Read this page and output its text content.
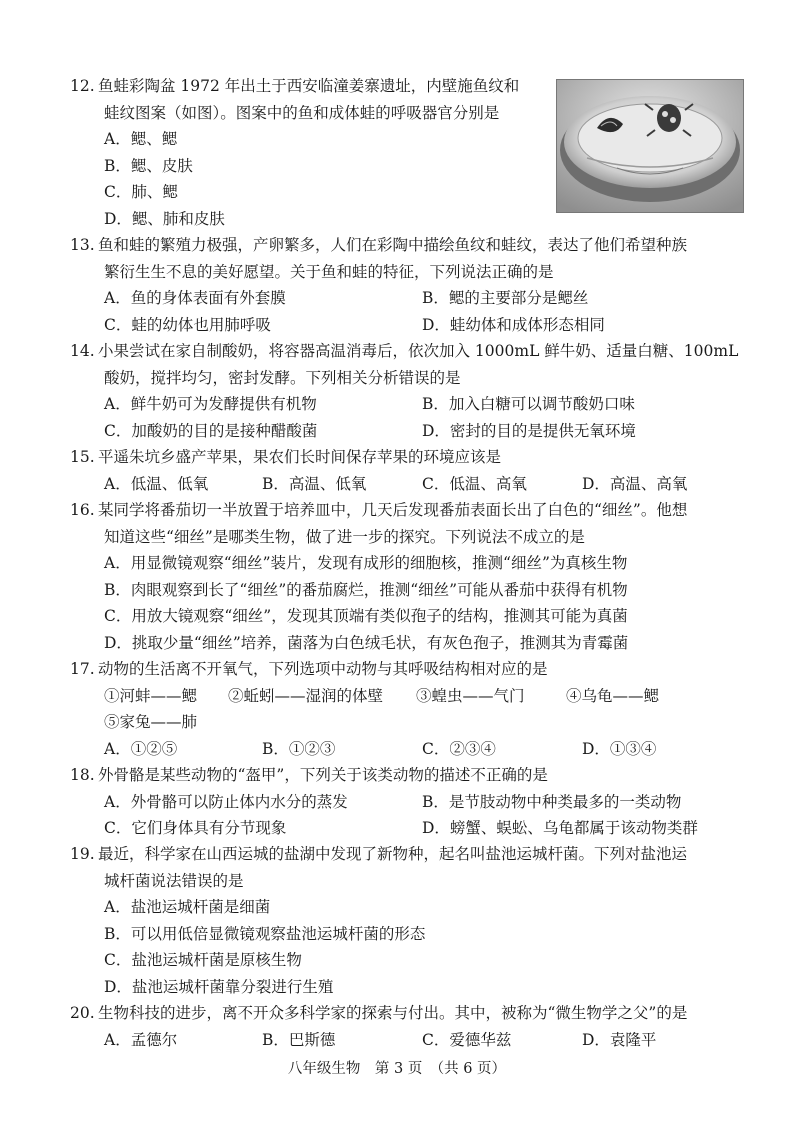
12. 鱼蛙彩陶盆 1972 年出土于西安临潼姜寨遗址，内壁施鱼纹和
蛙纹图案（如图）。图案中的鱼和成体蛙的呼吸器官分别是
A．鳃、鳃
B．鳃、皮肤
C．肺、鳃
D．鳃、肺和皮肤
13. 鱼和蛙的繁殖力极强，产卵繁多，人们在彩陶中描绘鱼纹和蛙纹，表达了他们希望种族
繁衍生生不息的美好愿望。关于鱼和蛙的特征，下列说法正确的是
A．鱼的身体表面有外套膜	B．鳃的主要部分是鳃丝
C．蛙的幼体也用肺呼吸	D．蛙幼体和成体形态相同
14. 小果尝试在家自制酸奶，将容器高温消毒后，依次加入 1000mL 鲜牛奶、适量白糖、100mL
酸奶，搅拌均匀，密封发酵。下列相关分析错误的是
A．鲜牛奶可为发酵提供有机物	B．加入白糖可以调节酸奶口味
C．加酸奶的目的是接种醋酸菌	D．密封的目的是提供无氧环境
15. 平遥朱坑乡盛产苹果，果农们长时间保存苹果的环境应该是
A．低温、低氧	B．高温、低氧	C．低温、高氧	D．高温、高氧
16. 某同学将番茄切一半放置于培养皿中，几天后发现番茄表面长出了白色的“细丝”。他想
知道这些“细丝”是哪类生物，做了进一步的探究。下列说法不成立的是
A．用显微镜观察“细丝”装片，发现有成形的细胞核，推测“细丝”为真核生物
B．肉眼观察到长了“细丝”的番茄腐烂，推测“细丝”可能从番茄中获得有机物
C．用放大镜观察“细丝”，发现其顶端有类似孢子的结构，推测其可能为真菌
D．挑取少量“细丝”培养，菌落为白色绒毛状，有灰色孢子，推测其为青霉菌
17. 动物的生活离不开氧气，下列选项中动物与其呼吸结构相对应的是
①河蚌——鳃 ②蚯蚓——湿润的体壁 ③蝗虫——气门	④乌龟——鳃
⑤家兔——肺
A．①②⑤	B．①②③	C．②③④	D．①③④
18. 外骨骼是某些动物的“盔甲”，下列关于该类动物的描述不正确的是
A．外骨骼可以防止体内水分的蒸发	B．是节肢动物中种类最多的一类动物
C．它们身体具有分节现象	D．螃蟹、蜈蚣、乌龟都属于该动物类群
19. 最近，科学家在山西运城的盐湖中发现了新物种，起名叫盐池运城杆菌。下列对盐池运
城杆菌说法错误的是
A．盐池运城杆菌是细菌
B．可以用低倍显微镜观察盐池运城杆菌的形态
C．盐池运城杆菌是原核生物
D．盐池运城杆菌靠分裂进行生殖
20. 生物科技的进步，离不开众多科学家的探索与付出。其中，被称为“微生物学之父”的是
A．孟德尔	B．巴斯德	C．爱德华兹	D．袁隆平
八年级生物　第 3 页　（共 6 页）
